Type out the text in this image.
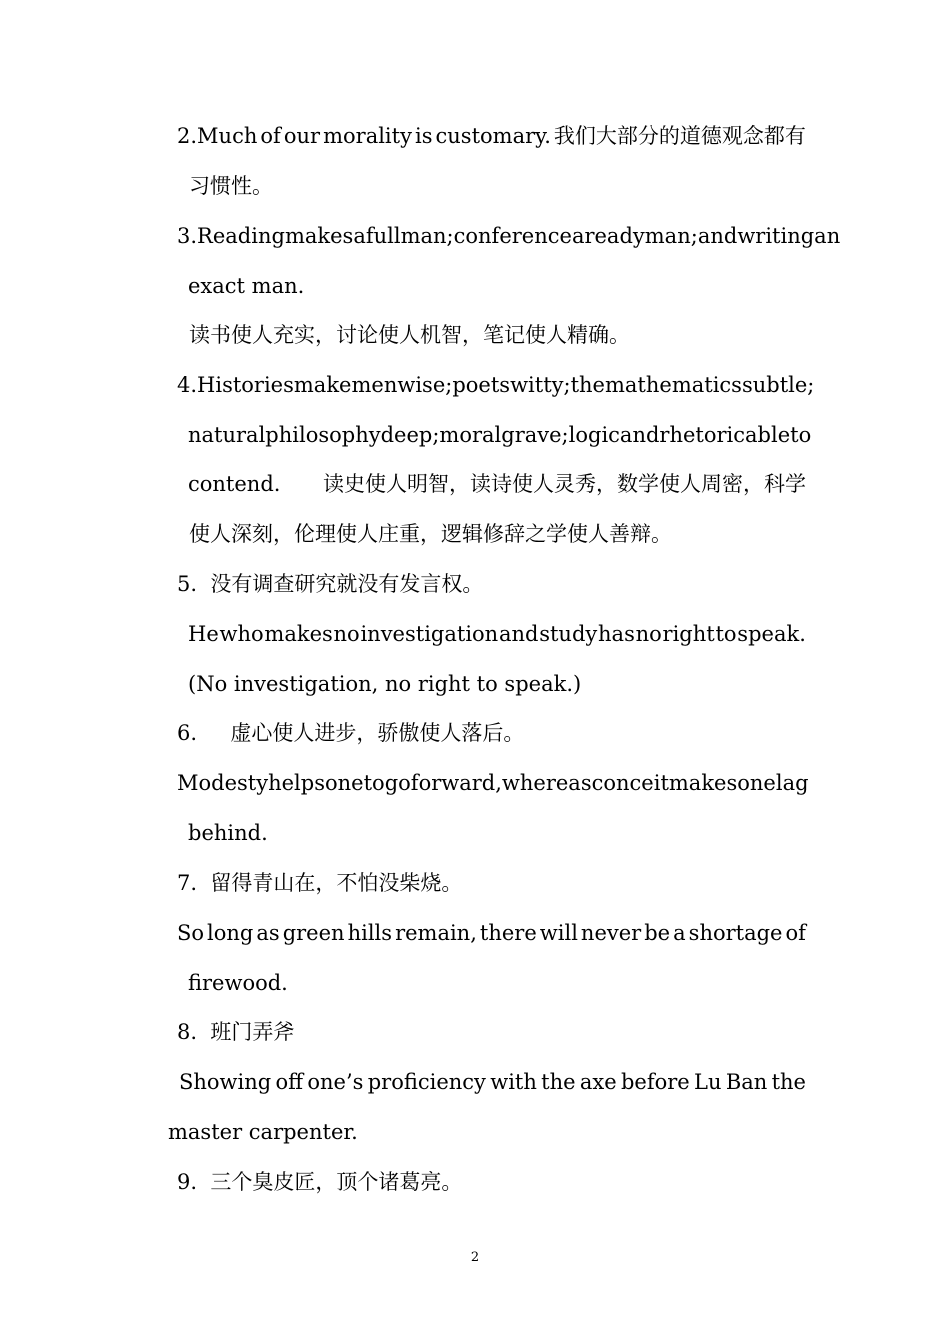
2.Much of our morality is customary. 我们大部分的道德观念都有
习惯性。
3.Reading makes a full man; conference a ready man; and writing an
exact man.
读书使人充实，讨论使人机智，笔记使人精确。
4.Histories make men wise; poets witty; the mathematics subtle;
natural philosophy deep; moral grave; logic and rhetoric able to
contend. 读史使人明智，读诗使人灵秀，数学使人周密，科学
使人深刻，伦理使人庄重，逻辑修辞之学使人善辩。
5.  没有调查研究就没有发言权。
He who makes no investigation and study has no right to speak.
(No investigation, no right to speak.)
6.     虚心使人进步，骄傲使人落后。
Modesty helps one to go forward, whereas conceit makes one lag
behind.
7.  留得青山在，不怕没柴烧。
So long as green hills remain, there will never be a shortage of
firewood.
8.  班门弄斧
Showing off one’s proficiency with the axe before Lu Ban the
master carpenter.
9.  三个臭皮匠，顶个诸葛亮。
2
